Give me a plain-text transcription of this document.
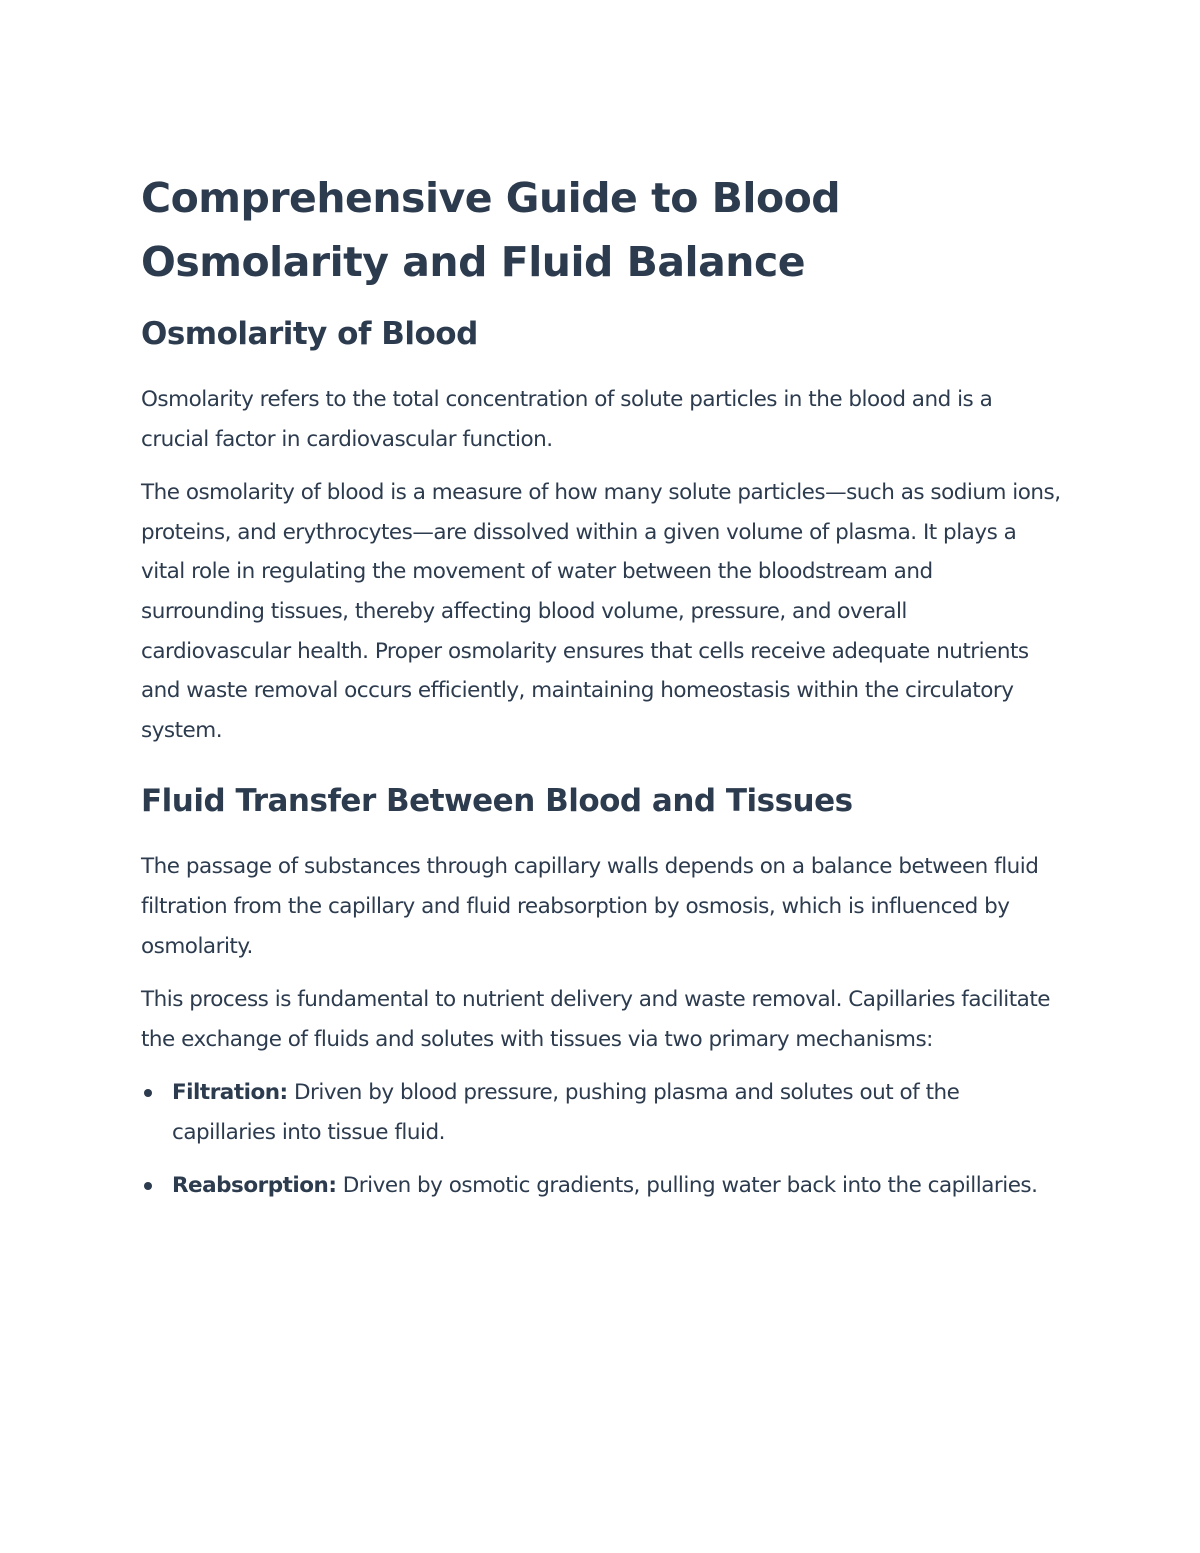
Comprehensive Guide to Blood Osmolarity and Fluid Balance
Osmolarity of Blood

Osmolarity refers to the total concentration of solute particles in the blood and is a crucial factor in cardiovascular function.

The osmolarity of blood is a measure of how many solute particles—such as sodium ions, proteins, and erythrocytes—are dissolved within a given volume of plasma. It plays a vital role in regulating the movement of water between the bloodstream and surrounding tissues, thereby affecting blood volume, pressure, and overall cardiovascular health. Proper osmolarity ensures that cells receive adequate nutrients and waste removal occurs efficiently, maintaining homeostasis within the circulatory system.

Fluid Transfer Between Blood and Tissues

The passage of substances through capillary walls depends on a balance between fluid filtration from the capillary and fluid reabsorption by osmosis, which is influenced by osmolarity.

This process is fundamental to nutrient delivery and waste removal. Capillaries facilitate the exchange of fluids and solutes with tissues via two primary mechanisms:

Filtration: Driven by blood pressure, pushing plasma and solutes out of the capillaries into tissue fluid.
Reabsorption: Driven by osmotic gradients, pulling water back into the capillaries.
